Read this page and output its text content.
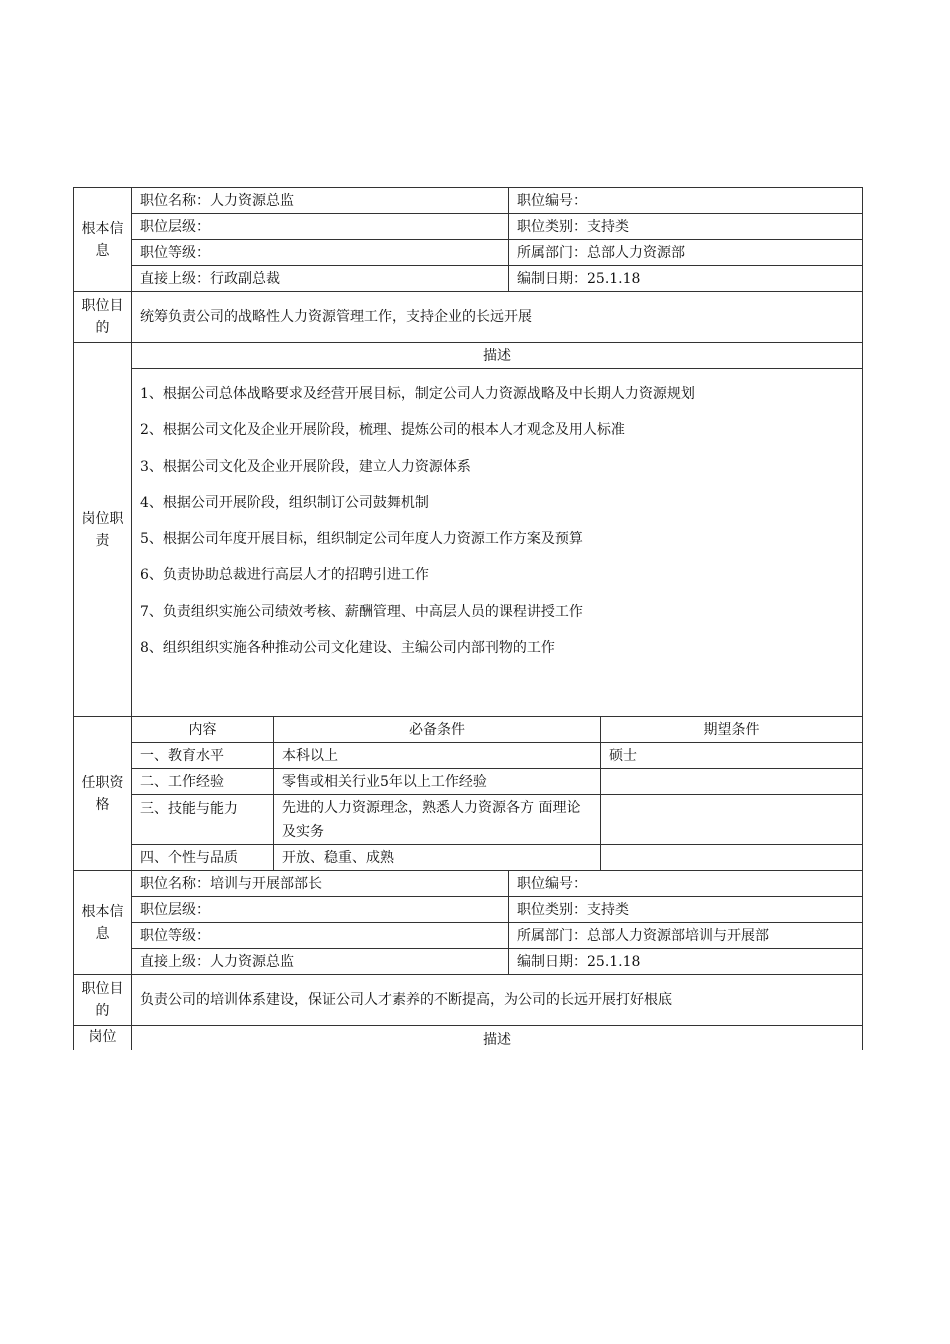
根本信息	职位名称：人力资源总监	职位编号：
	职位层级：	职位类别：支持类
	职位等级：	所属部门：总部人力资源部
	直接上级：行政副总裁	编制日期：25.1.18
职位目的	统筹负责公司的战略性人力资源管理工作，支持企业的长远开展
岗位职责	描述

1、根据公司总体战略要求及经营开展目标，制定公司人力资源战略及中长期人力资源规划
2、根据公司文化及企业开展阶段，梳理、提炼公司的根本人才观念及用人标准
3、根据公司文化及企业开展阶段，建立人力资源体系
4、根据公司开展阶段，组织制订公司鼓舞机制
5、根据公司年度开展目标，组织制定公司年度人力资源工作方案及预算
6、负责协助总裁进行高层人才的招聘引进工作
7、负责组织实施公司绩效考核、薪酬管理、中高层人员的课程讲授工作
8、组织组织实施各种推动公司文化建设、主编公司内部刊物的工作
任职资格	内容	必备条件	期望条件
	一、教育水平	本科以上	硕士
	二、工作经验	零售或相关行业5年以上工作经验	
	三、技能与能力	先进的人力资源理念，熟悉人力资源各方 面理论及实务	
	四、个性与品质	开放、稳重、成熟	
根本信息	职位名称：培训与开展部部长	职位编号：
	职位层级：	职位类别：支持类
	职位等级：	所属部门：总部人力资源部培训与开展部
	直接上级：人力资源总监	编制日期：25.1.18
职位目的	负责公司的培训体系建设，保证公司人才素养的不断提高，为公司的长远开展打好根底
岗位	描述
